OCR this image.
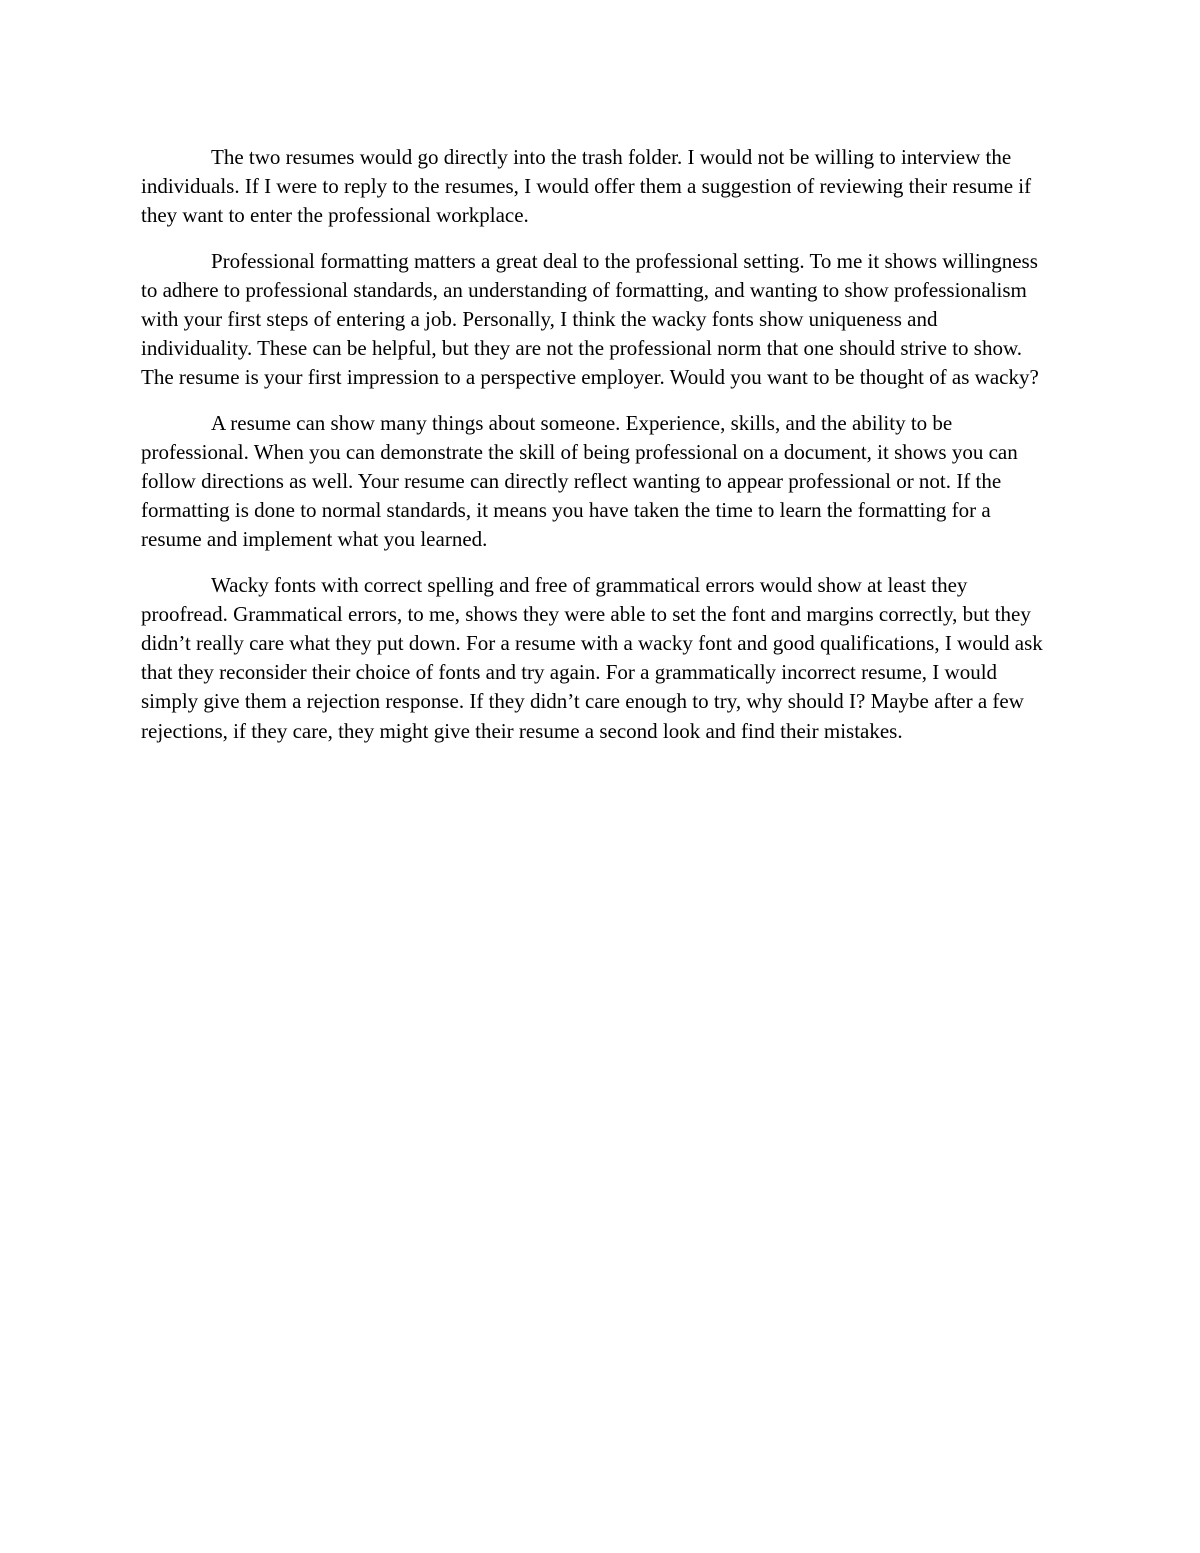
The two resumes would go directly into the trash folder. I would not be willing to interview the individuals. If I were to reply to the resumes, I would offer them a suggestion of reviewing their resume if they want to enter the professional workplace.

Professional formatting matters a great deal to the professional setting. To me it shows willingness to adhere to professional standards, an understanding of formatting, and wanting to show professionalism with your first steps of entering a job. Personally, I think the wacky fonts show uniqueness and individuality. These can be helpful, but they are not the professional norm that one should strive to show. The resume is your first impression to a perspective employer. Would you want to be thought of as wacky?

A resume can show many things about someone. Experience, skills, and the ability to be professional. When you can demonstrate the skill of being professional on a document, it shows you can follow directions as well. Your resume can directly reflect wanting to appear professional or not. If the formatting is done to normal standards, it means you have taken the time to learn the formatting for a resume and implement what you learned.

Wacky fonts with correct spelling and free of grammatical errors would show at least they proofread. Grammatical errors, to me, shows they were able to set the font and margins correctly, but they didn’t really care what they put down. For a resume with a wacky font and good qualifications, I would ask that they reconsider their choice of fonts and try again. For a grammatically incorrect resume, I would simply give them a rejection response. If they didn’t care enough to try, why should I? Maybe after a few rejections, if they care, they might give their resume a second look and find their mistakes.
